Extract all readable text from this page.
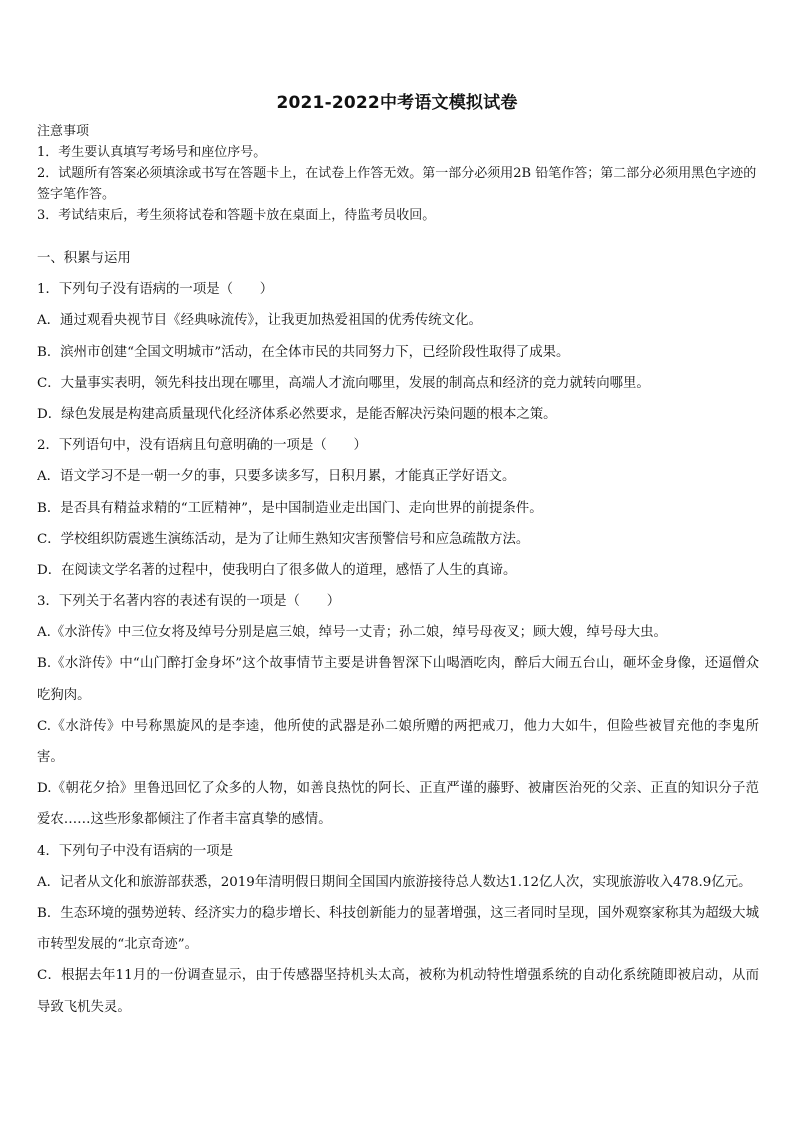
2021-2022中考语文模拟试卷
注意事项
1．考生要认真填写考场号和座位序号。
2．试题所有答案必须填涂或书写在答题卡上，在试卷上作答无效。第一部分必须用2B 铅笔作答；第二部分必须用黑色字迹的签字笔作答。
3．考试结束后，考生须将试卷和答题卡放在桌面上，待监考员收回。
一、积累与运用
1．下列句子没有语病的一项是（　　）
A．通过观看央视节目《经典咏流传》，让我更加热爱祖国的优秀传统文化。
B．滨州市创建“全国文明城市”活动，在全体市民的共同努力下，已经阶段性取得了成果。
C．大量事实表明，领先科技出现在哪里，高端人才流向哪里，发展的制高点和经济的竞力就转向哪里。
D．绿色发展是构建高质量现代化经济体系必然要求，是能否解决污染问题的根本之策。
2．下列语句中，没有语病且句意明确的一项是（　　）
A．语文学习不是一朝一夕的事，只要多读多写，日积月累，才能真正学好语文。
B．是否具有精益求精的“工匠精神”，是中国制造业走出国门、走向世界的前提条件。
C．学校组织防震逃生演练活动，是为了让师生熟知灾害预警信号和应急疏散方法。
D．在阅读文学名著的过程中，使我明白了很多做人的道理，感悟了人生的真谛。
3．下列关于名著内容的表述有误的一项是（　　）
A.《水浒传》中三位女将及绰号分别是扈三娘，绰号一丈青；孙二娘，绰号母夜叉；顾大嫂，绰号母大虫。
B.《水浒传》中“山门醉打金身坏”这个故事情节主要是讲鲁智深下山喝酒吃肉，醉后大闹五台山，砸坏金身像，还逼僧众吃狗肉。
C.《水浒传》中号称黑旋风的是李逵，他所使的武器是孙二娘所赠的两把戒刀，他力大如牛，但险些被冒充他的李鬼所害。
D.《朝花夕拾》里鲁迅回忆了众多的人物，如善良热忱的阿长、正直严谨的藤野、被庸医治死的父亲、正直的知识分子范爱农……这些形象都倾注了作者丰富真挚的感情。
4．下列句子中没有语病的一项是
A．记者从文化和旅游部获悉，2019年清明假日期间全国国内旅游接待总人数达1.12亿人次，实现旅游收入478.9亿元。
B．生态环境的强势逆转、经济实力的稳步增长、科技创新能力的显著增强，这三者同时呈现，国外观察家称其为超级大城市转型发展的“北京奇迹”。
C．根据去年11月的一份调查显示，由于传感器坚持机头太高，被称为机动特性增强系统的自动化系统随即被启动，从而导致飞机失灵。
